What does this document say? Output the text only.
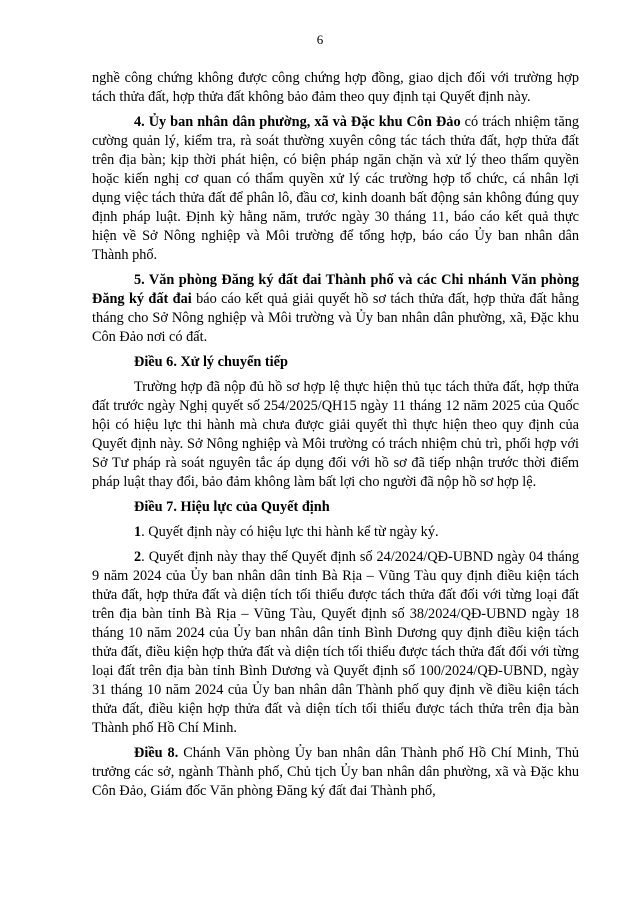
6

nghề công chứng không được công chứng hợp đồng, giao dịch đối với trường hợp tách thửa đất, hợp thửa đất không bảo đảm theo quy định tại Quyết định này.

4. Ủy ban nhân dân phường, xã và Đặc khu Côn Đảo có trách nhiệm tăng cường quản lý, kiểm tra, rà soát thường xuyên công tác tách thửa đất, hợp thửa đất trên địa bàn; kịp thời phát hiện, có biện pháp ngăn chặn và xử lý theo thẩm quyền hoặc kiến nghị cơ quan có thẩm quyền xử lý các trường hợp tổ chức, cá nhân lợi dụng việc tách thửa đất để phân lô, đầu cơ, kinh doanh bất động sản không đúng quy định pháp luật. Định kỳ hằng năm, trước ngày 30 tháng 11, báo cáo kết quả thực hiện về Sở Nông nghiệp và Môi trường để tổng hợp, báo cáo Ủy ban nhân dân Thành phố.

5. Văn phòng Đăng ký đất đai Thành phố và các Chi nhánh Văn phòng Đăng ký đất đai báo cáo kết quả giải quyết hồ sơ tách thửa đất, hợp thửa đất hằng tháng cho Sở Nông nghiệp và Môi trường và Ủy ban nhân dân phường, xã, Đặc khu Côn Đảo nơi có đất.

Điều 6. Xử lý chuyển tiếp

Trường hợp đã nộp đủ hồ sơ hợp lệ thực hiện thủ tục tách thửa đất, hợp thửa đất trước ngày Nghị quyết số 254/2025/QH15 ngày 11 tháng 12 năm 2025 của Quốc hội có hiệu lực thi hành mà chưa được giải quyết thì thực hiện theo quy định của Quyết định này. Sở Nông nghiệp và Môi trường có trách nhiệm chủ trì, phối hợp với Sở Tư pháp rà soát nguyên tắc áp dụng đối với hồ sơ đã tiếp nhận trước thời điểm pháp luật thay đổi, bảo đảm không làm bất lợi cho người đã nộp hồ sơ hợp lệ.

Điều 7. Hiệu lực của Quyết định

1. Quyết định này có hiệu lực thi hành kể từ ngày ký.

2. Quyết định này thay thế Quyết định số 24/2024/QĐ-UBND ngày 04 tháng 9 năm 2024 của Ủy ban nhân dân tỉnh Bà Rịa – Vũng Tàu quy định điều kiện tách thửa đất, hợp thửa đất và diện tích tối thiểu được tách thửa đất đối với từng loại đất trên địa bàn tỉnh Bà Rịa – Vũng Tàu, Quyết định số 38/2024/QĐ-UBND ngày 18 tháng 10 năm 2024 của Ủy ban nhân dân tỉnh Bình Dương quy định điều kiện tách thửa đất, điều kiện hợp thửa đất và diện tích tối thiểu được tách thửa đất đối với từng loại đất trên địa bàn tỉnh Bình Dương và Quyết định số 100/2024/QĐ-UBND, ngày 31 tháng 10 năm 2024 của Ủy ban nhân dân Thành phố quy định về điều kiện tách thửa đất, điều kiện hợp thửa đất và diện tích tối thiểu được tách thửa trên địa bàn Thành phố Hồ Chí Minh.

Điều 8. Chánh Văn phòng Ủy ban nhân dân Thành phố Hồ Chí Minh, Thủ trưởng các sở, ngành Thành phố, Chủ tịch Ủy ban nhân dân phường, xã và Đặc khu Côn Đảo, Giám đốc Văn phòng Đăng ký đất đai Thành phố,
